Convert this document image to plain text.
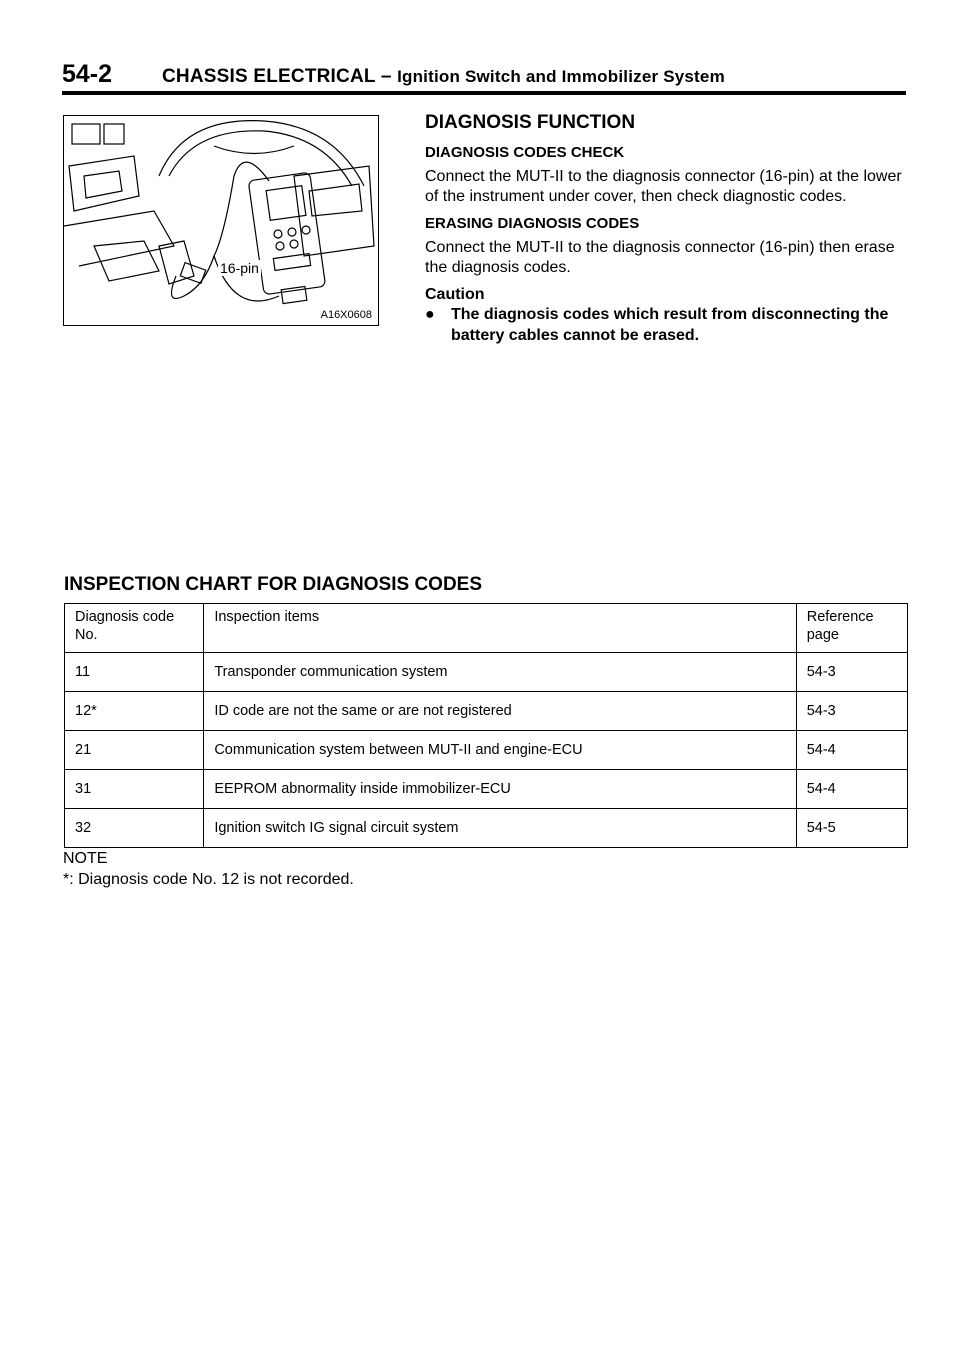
54-2	CHASSIS ELECTRICAL – Ignition Switch and Immobilizer System
16-pin
A16X0608
DIAGNOSIS FUNCTION
DIAGNOSIS CODES CHECK
Connect the MUT-II to the diagnosis connector (16-pin) at the lower of the instrument under cover, then check diagnostic codes.
ERASING DIAGNOSIS CODES
Connect the MUT-II to the diagnosis connector (16-pin) then erase the diagnosis codes.
Caution
● The diagnosis codes which result from disconnecting the battery cables cannot be erased.
INSPECTION CHART FOR DIAGNOSIS CODES
Diagnosis code No.	Inspection items	Reference page
11	Transponder communication system	54-3
12*	ID code are not the same or are not registered	54-3
21	Communication system between MUT-II and engine-ECU	54-4
31	EEPROM abnormality inside immobilizer-ECU	54-4
32	Ignition switch IG signal circuit system	54-5
NOTE
*: Diagnosis code No. 12 is not recorded.
